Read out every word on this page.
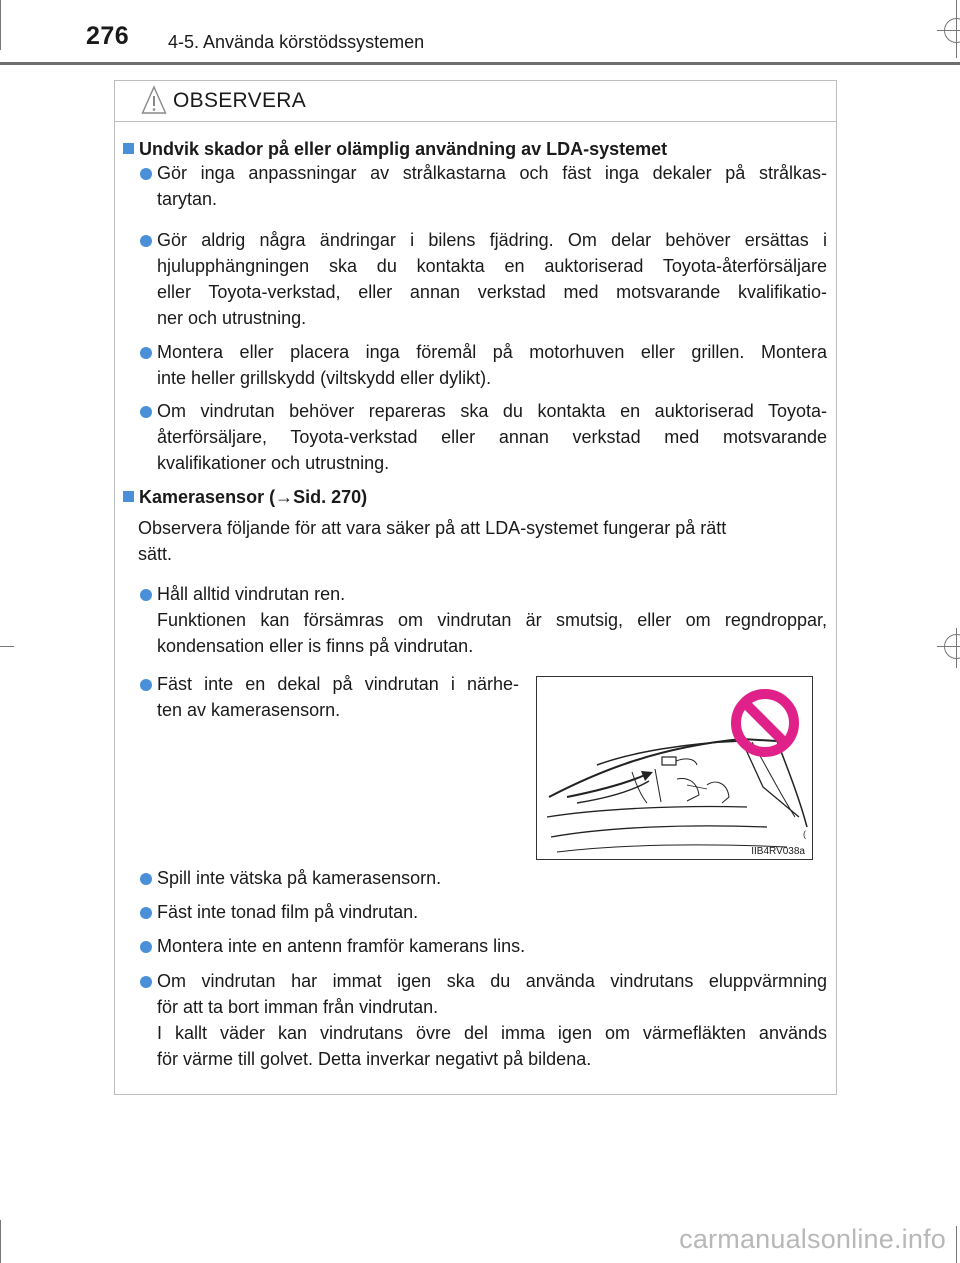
276 4-5. Använda körstödssystemen
OBSERVERA
Undvik skador på eller olämplig användning av LDA-systemet
Gör inga anpassningar av strålkastarna och fäst inga dekaler på strålkas-
tarytan.
Gör aldrig några ändringar i bilens fjädring. Om delar behöver ersättas i
hjulupphängningen ska du kontakta en auktoriserad Toyota-återförsäljare
eller Toyota-verkstad, eller annan verkstad med motsvarande kvalifikatio-
ner och utrustning.
Montera eller placera inga föremål på motorhuven eller grillen. Montera
inte heller grillskydd (viltskydd eller dylikt).
Om vindrutan behöver repareras ska du kontakta en auktoriserad Toyota-
återförsäljare, Toyota-verkstad eller annan verkstad med motsvarande
kvalifikationer och utrustning.
Kamerasensor (→Sid. 270)
Observera följande för att vara säker på att LDA-systemet fungerar på rätt
sätt.
Håll alltid vindrutan ren.
Funktionen kan försämras om vindrutan är smutsig, eller om regndroppar,
kondensation eller is finns på vindrutan.
Fäst inte en dekal på vindrutan i närhe-
ten av kamerasensorn.
(
IIB4RV038a
Spill inte vätska på kamerasensorn.
Fäst inte tonad film på vindrutan.
Montera inte en antenn framför kamerans lins.
Om vindrutan har immat igen ska du använda vindrutans eluppvärmning
för att ta bort imman från vindrutan.
I kallt väder kan vindrutans övre del imma igen om värmefläkten används
för värme till golvet. Detta inverkar negativt på bildena.
carmanualsonline.info
